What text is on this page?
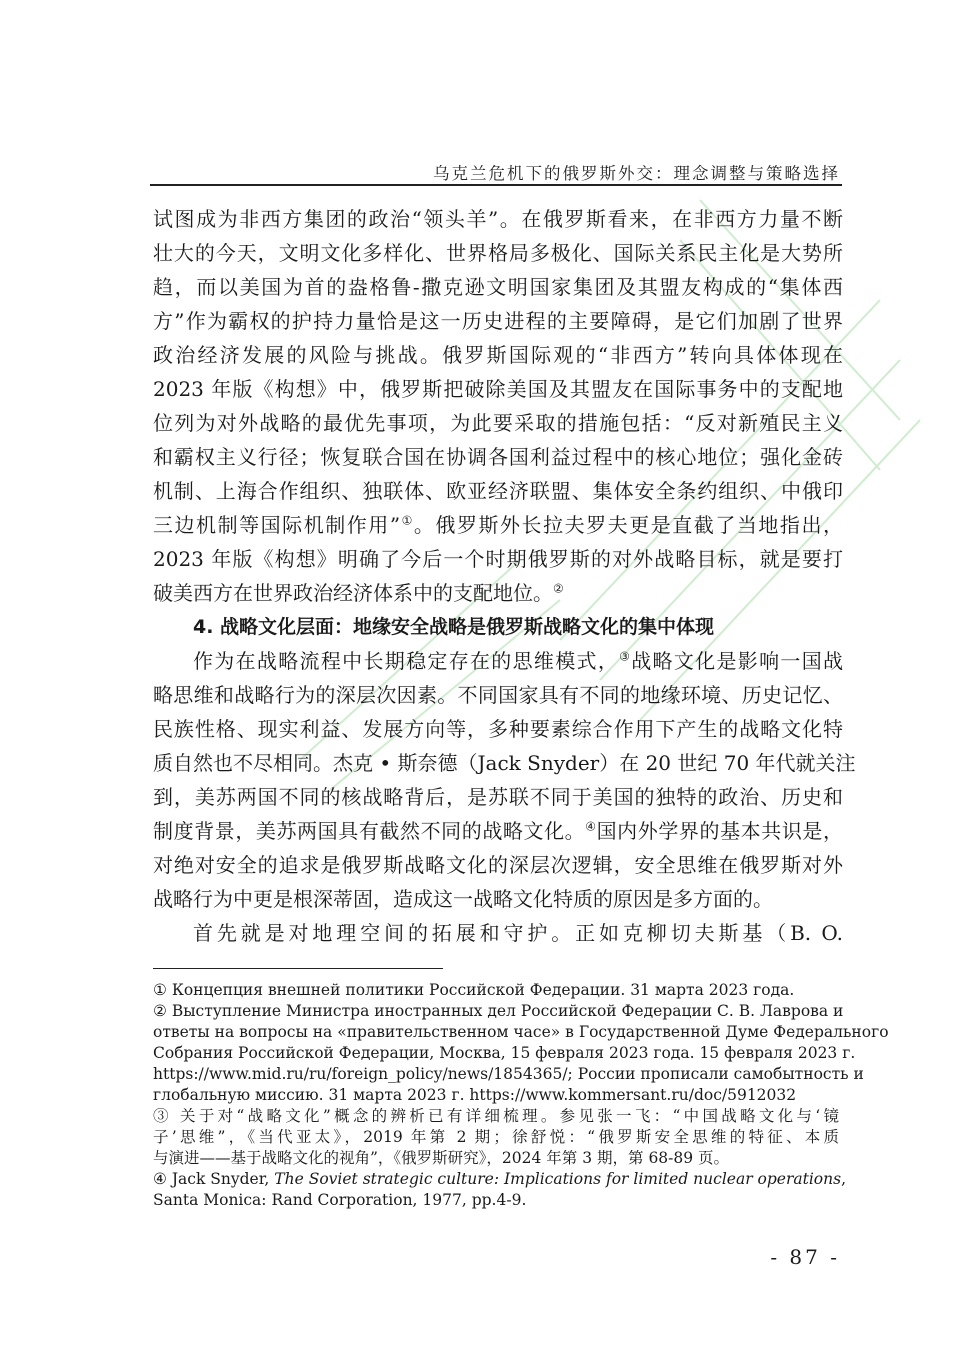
乌克兰危机下的俄罗斯外交：理念调整与策略选择
试图成为非西方集团的政治“领头羊”。在俄罗斯看来，在非西方力量不断
壮大的今天，文明文化多样化、世界格局多极化、国际关系民主化是大势所
趋，而以美国为首的盎格鲁-撒克逊文明国家集团及其盟友构成的“集体西
方”作为霸权的护持力量恰是这一历史进程的主要障碍，是它们加剧了世界
政治经济发展的风险与挑战。俄罗斯国际观的“非西方”转向具体体现在
2023 年版《构想》中，俄罗斯把破除美国及其盟友在国际事务中的支配地
位列为对外战略的最优先事项，为此要采取的措施包括：“反对新殖民主义
和霸权主义行径；恢复联合国在协调各国利益过程中的核心地位；强化金砖
机制、上海合作组织、独联体、欧亚经济联盟、集体安全条约组织、中俄印
三边机制等国际机制作用”①。俄罗斯外长拉夫罗夫更是直截了当地指出，
2023 年版《构想》明确了今后一个时期俄罗斯的对外战略目标，就是要打
破美西方在世界政治经济体系中的支配地位。②
4. 战略文化层面：地缘安全战略是俄罗斯战略文化的集中体现
作为在战略流程中长期稳定存在的思维模式，③战略文化是影响一国战
略思维和战略行为的深层次因素。不同国家具有不同的地缘环境、历史记忆、
民族性格、现实利益、发展方向等，多种要素综合作用下产生的战略文化特
质自然也不尽相同。杰克 • 斯奈德（Jack Snyder）在 20 世纪 70 年代就关注
到，美苏两国不同的核战略背后，是苏联不同于美国的独特的政治、历史和
制度背景，美苏两国具有截然不同的战略文化。④国内外学界的基本共识是，
对绝对安全的追求是俄罗斯战略文化的深层次逻辑，安全思维在俄罗斯对外
战略行为中更是根深蒂固，造成这一战略文化特质的原因是多方面的。
首先就是对地理空间的拓展和守护。正如克柳切夫斯基（B. O.
① Концепция внешней политики Российской Федерации. 31 марта 2023 года.
② Выступление Министра иностранных дел Российской Федерации С. В. Лаврова и
ответы на вопросы на «правительственном часе» в Государственной Думе Федерального
Собрания Российской Федерации, Москва, 15 февраля 2023 года. 15 февраля 2023 г.
https://www.mid.ru/ru/foreign_policy/news/1854365/; России прописали самобытность и
глобальную миссию. 31 марта 2023 г. https://www.kommersant.ru/doc/5912032
③ 关于对“战略文化”概念的辨析已有详细梳理。参见张一飞：“中国战略文化与‘镜
子’思维”，《当代亚太》，2019 年第 2 期；徐舒悦：“俄罗斯安全思维的特征、本质
与演进——基于战略文化的视角”，《俄罗斯研究》，2024 年第 3 期，第 68-89 页。
④ Jack Snyder, The Soviet strategic culture: Implications for limited nuclear operations,
Santa Monica: Rand Corporation, 1977, pp.4-9.
- 87 -
